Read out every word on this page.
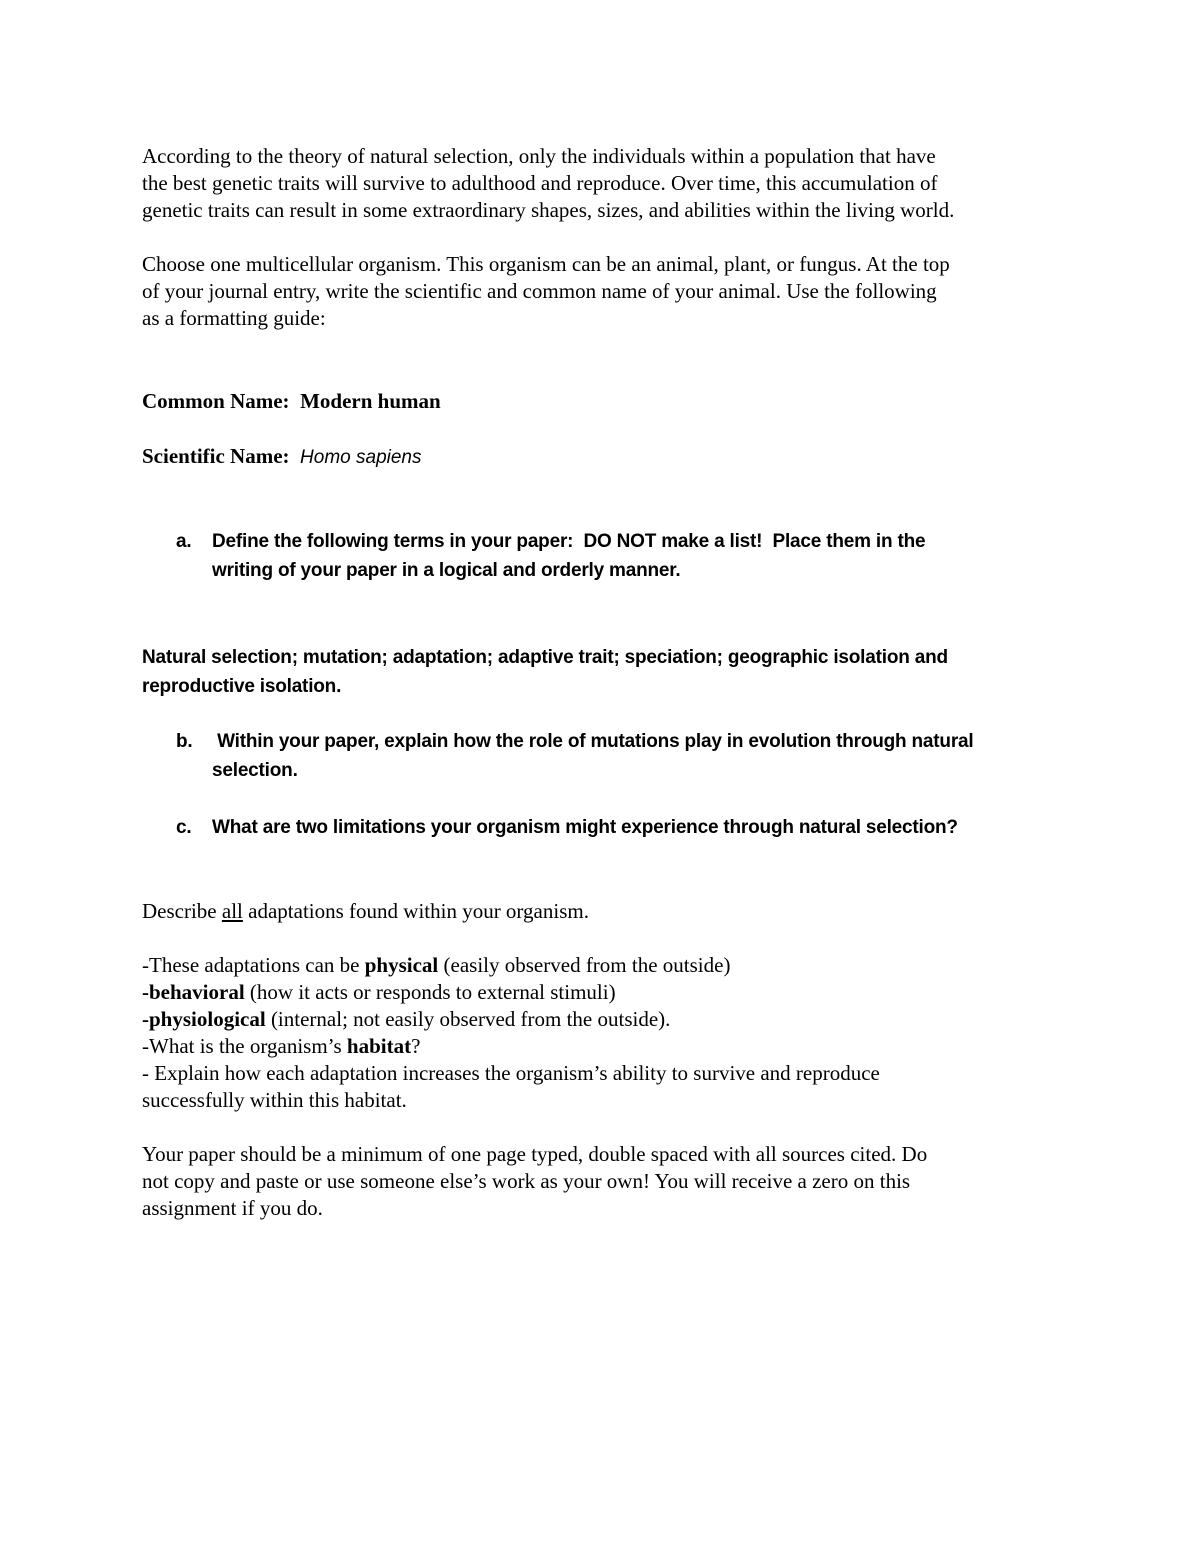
According to the theory of natural selection, only the individuals within a population that have
the best genetic traits will survive to adulthood and reproduce. Over time, this accumulation of
genetic traits can result in some extraordinary shapes, sizes, and abilities within the living world.

Choose one multicellular organism. This organism can be an animal, plant, or fungus. At the top
of your journal entry, write the scientific and common name of your animal. Use the following
as a formatting guide:

Common Name: Modern human

Scientific Name: Homo sapiens

a. Define the following terms in your paper:  DO NOT make a list!  Place them in the
writing of your paper in a logical and orderly manner.

Natural selection; mutation; adaptation; adaptive trait; speciation; geographic isolation and
reproductive isolation.

b. Within your paper, explain how the role of mutations play in evolution through natural
selection.
c. What are two limitations your organism might experience through natural selection?

Describe all adaptations found within your organism.

-These adaptations can be physical (easily observed from the outside)
-behavioral (how it acts or responds to external stimuli)
-physiological (internal; not easily observed from the outside).
-What is the organism’s habitat?
- Explain how each adaptation increases the organism’s ability to survive and reproduce
successfully within this habitat.

Your paper should be a minimum of one page typed, double spaced with all sources cited. Do
not copy and paste or use someone else’s work as your own! You will receive a zero on this
assignment if you do.
